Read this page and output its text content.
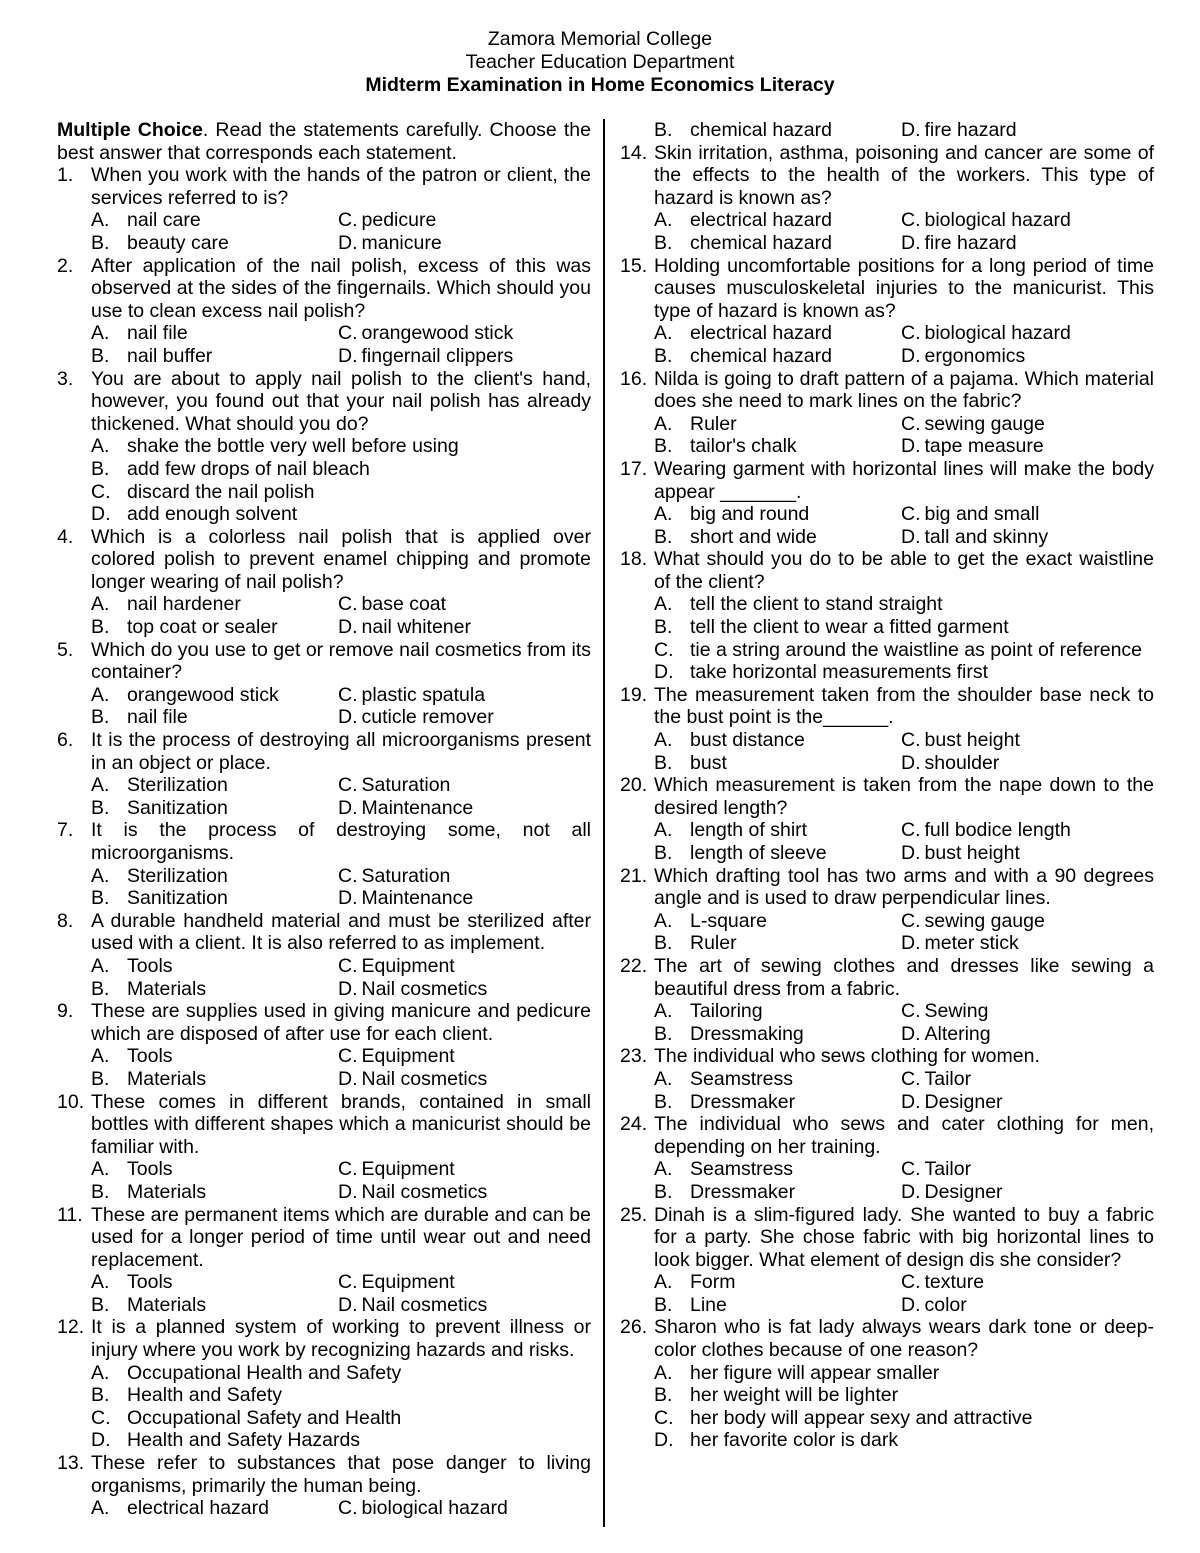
Zamora Memorial College
Teacher Education Department
Midterm Examination in Home Economics Literacy
Multiple Choice. Read the statements carefully. Choose the best answer that corresponds each statement.
1. When you work with the hands of the patron or client, the services referred to is?
A. nail care	C. pedicure
B. beauty care	D. manicure
2. After application of the nail polish, excess of this was observed at the sides of the fingernails. Which should you use to clean excess nail polish?
A. nail file	C. orangewood stick
B. nail buffer	D. fingernail clippers
3. You are about to apply nail polish to the client's hand, however, you found out that your nail polish has already thickened. What should you do?
A. shake the bottle very well before using
B. add few drops of nail bleach
C. discard the nail polish
D. add enough solvent
4. Which is a colorless nail polish that is applied over colored polish to prevent enamel chipping and promote longer wearing of nail polish?
A. nail hardener	C. base coat
B. top coat or sealer	D. nail whitener
5. Which do you use to get or remove nail cosmetics from its container?
A. orangewood stick	C. plastic spatula
B. nail file	D. cuticle remover
6. It is the process of destroying all microorganisms present in an object or place.
A. Sterilization	C. Saturation
B. Sanitization	D. Maintenance
7. It is the process of destroying some, not all microorganisms.
A. Sterilization	C. Saturation
B. Sanitization	D. Maintenance
8. A durable handheld material and must be sterilized after used with a client. It is also referred to as implement.
A. Tools	C. Equipment
B. Materials	D. Nail cosmetics
9. These are supplies used in giving manicure and pedicure which are disposed of after use for each client.
A. Tools	C. Equipment
B. Materials	D. Nail cosmetics
10. These comes in different brands, contained in small bottles with different shapes which a manicurist should be familiar with.
A. Tools	C. Equipment
B. Materials	D. Nail cosmetics
11. These are permanent items which are durable and can be used for a longer period of time until wear out and need replacement.
A. Tools	C. Equipment
B. Materials	D. Nail cosmetics
12. It is a planned system of working to prevent illness or injury where you work by recognizing hazards and risks.
A. Occupational Health and Safety
B. Health and Safety
C. Occupational Safety and Health
D. Health and Safety Hazards
13. These refer to substances that pose danger to living organisms, primarily the human being.
A. electrical hazard	C. biological hazard
B. chemical hazard	D. fire hazard
14. Skin irritation, asthma, poisoning and cancer are some of the effects to the health of the workers. This type of hazard is known as?
A. electrical hazard	C. biological hazard
B. chemical hazard	D. fire hazard
15. Holding uncomfortable positions for a long period of time causes musculoskeletal injuries to the manicurist. This type of hazard is known as?
A. electrical hazard	C. biological hazard
B. chemical hazard	D. ergonomics
16. Nilda is going to draft pattern of a pajama. Which material does she need to mark lines on the fabric?
A. Ruler	C. sewing gauge
B. tailor's chalk	D. tape measure
17. Wearing garment with horizontal lines will make the body appear _______.
A. big and round	C. big and small
B. short and wide	D. tall and skinny
18. What should you do to be able to get the exact waistline of the client?
A. tell the client to stand straight
B. tell the client to wear a fitted garment
C. tie a string around the waistline as point of reference
D. take horizontal measurements first
19. The measurement taken from the shoulder base neck to the bust point is the______.
A. bust distance	C. bust height
B. bust	D. shoulder
20. Which measurement is taken from the nape down to the desired length?
A. length of shirt	C. full bodice length
B. length of sleeve	D. bust height
21. Which drafting tool has two arms and with a 90 degrees angle and is used to draw perpendicular lines.
A. L-square	C. sewing gauge
B. Ruler	D. meter stick
22. The art of sewing clothes and dresses like sewing a beautiful dress from a fabric.
A. Tailoring	C. Sewing
B. Dressmaking	D. Altering
23. The individual who sews clothing for women.
A. Seamstress	C. Tailor
B. Dressmaker	D. Designer
24. The individual who sews and cater clothing for men, depending on her training.
A. Seamstress	C. Tailor
B. Dressmaker	D. Designer
25. Dinah is a slim-figured lady. She wanted to buy a fabric for a party. She chose fabric with big horizontal lines to look bigger. What element of design dis she consider?
A. Form	C. texture
B. Line	D. color
26. Sharon who is fat lady always wears dark tone or deep-color clothes because of one reason?
A. her figure will appear smaller
B. her weight will be lighter
C. her body will appear sexy and attractive
D. her favorite color is dark
